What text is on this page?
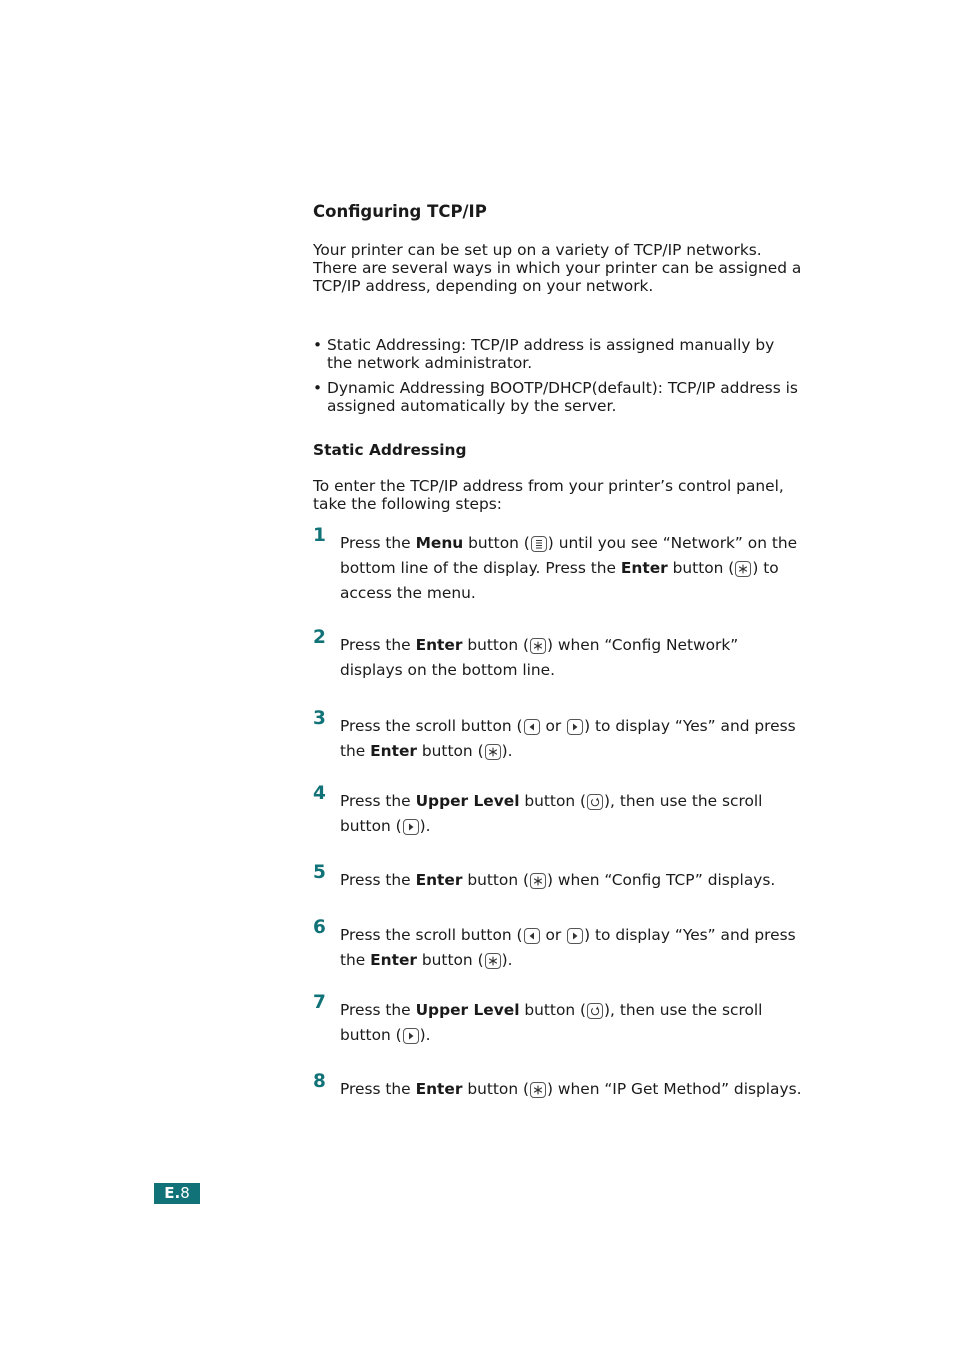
Configuring TCP/IP

Your printer can be set up on a variety of TCP/IP networks. There are several ways in which your printer can be assigned a TCP/IP address, depending on your network.

• Static Addressing: TCP/IP address is assigned manually by the network administrator.
• Dynamic Addressing BOOTP/DHCP(default): TCP/IP address is assigned automatically by the server.
Static Addressing

To enter the TCP/IP address from your printer’s control panel, take the following steps:

1 Press the Menu button ( ) until you see “Network” on the bottom line of the display. Press the Enter button ( ) to access the menu.
2 Press the Enter button ( ) when “Config Network” displays on the bottom line.
3 Press the scroll button (
or
) to display “Yes” and press the Enter button ( ).
4 Press the Upper Level button ( ), then use the scroll button ( ).
5 Press the Enter button ( ) when “Config TCP” displays.
6 Press the scroll button (
or
) to display “Yes” and press the Enter button ( ).
7 Press the Upper Level button ( ), then use the scroll button ( ).
8 Press the Enter button ( ) when “IP Get Method” displays.
E.8
